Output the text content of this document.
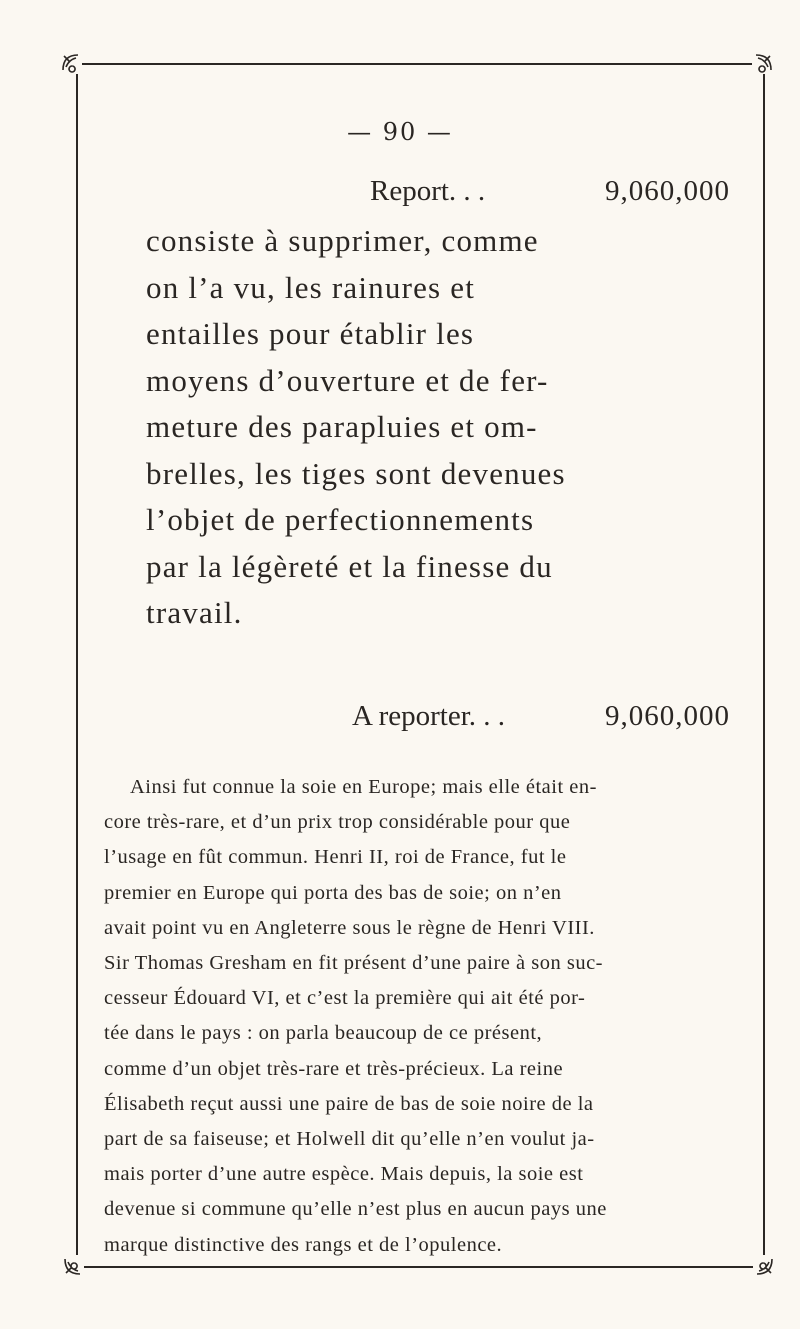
— 90 —
Report. . .	9,060,000
consiste à supprimer, comme
on l’a vu, les rainures et
entailles pour établir les
moyens d’ouverture et de fer-
meture des parapluies et om-
brelles, les tiges sont devenues
l’objet de perfectionnements
par la légèreté et la finesse du
travail.
A reporter. . .	9,060,000
Ainsi fut connue la soie en Europe; mais elle était en-
core très-rare, et d’un prix trop considérable pour que
l’usage en fût commun. Henri II, roi de France, fut le
premier en Europe qui porta des bas de soie; on n’en
avait point vu en Angleterre sous le règne de Henri VIII.
Sir Thomas Gresham en fit présent d’une paire à son suc-
cesseur Édouard VI, et c’est la première qui ait été por-
tée dans le pays : on parla beaucoup de ce présent,
comme d’un objet très-rare et très-précieux. La reine
Élisabeth reçut aussi une paire de bas de soie noire de la
part de sa faiseuse; et Holwell dit qu’elle n’en voulut ja-
mais porter d’une autre espèce. Mais depuis, la soie est
devenue si commune qu’elle n’est plus en aucun pays une
marque distinctive des rangs et de l’opulence.
